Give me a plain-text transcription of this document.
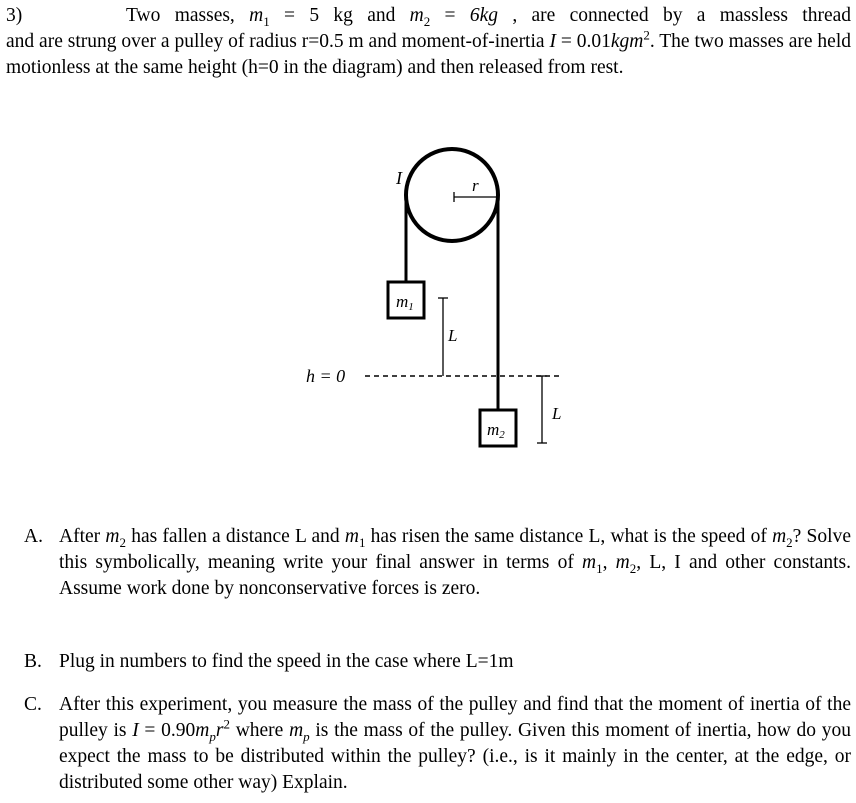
3)	Two masses, $m_1 = 5$ kg and $m_2 = 6kg$ , are connected by a massless thread
and are strung over a pulley of radius r=0.5 m and moment-of-inertia I = 0.01kgm$^2$. The two masses are held motionless at the same height (h=0 in the diagram) and then released from rest.
I	r
m1
m2
L
L
h = 0
A. After $m_2$ has fallen a distance L and $m_1$ has risen the same distance L, what is the speed of $m_2$? Solve this symbolically, meaning write your final answer in terms of $m_1$, $m_2$, L, I and other constants. Assume work done by nonconservative forces is zero.
B. Plug in numbers to find the speed in the case where L=1m
C. After this experiment, you measure the mass of the pulley and find that the moment of inertia of the pulley is $I = 0.90m_pr^2$ where $m_p$ is the mass of the pulley. Given this moment of inertia, how do you expect the mass to be distributed within the pulley? (i.e., is it mainly in the center, at the edge, or distributed some other way) Explain.
